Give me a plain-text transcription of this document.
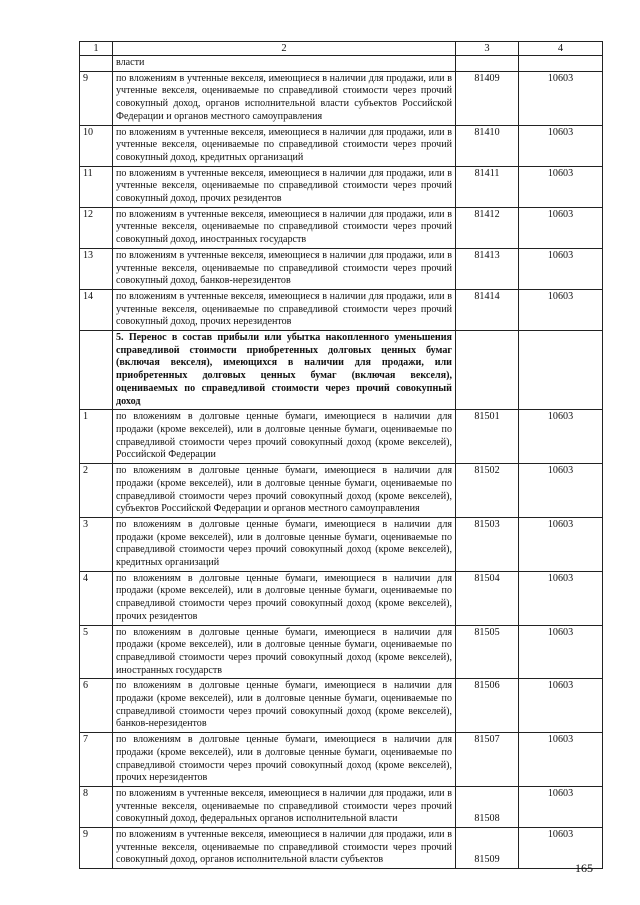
1	2	3	4
	власти		
9	по вложениям в учтенные векселя, имеющиеся в наличии для продажи, или в учтенные векселя, оцениваемые по справедливой стоимости через прочий совокупный доход, органов исполнительной власти субъектов Российской Федерации и органов местного самоуправления	81409	10603
10	по вложениям в учтенные векселя, имеющиеся в наличии для продажи, или в учтенные векселя, оцениваемые по справедливой стоимости через прочий совокупный доход, кредитных организаций	81410	10603
11	по вложениям в учтенные векселя, имеющиеся в наличии для продажи, или в учтенные векселя, оцениваемые по справедливой стоимости через прочий совокупный доход, прочих резидентов	81411	10603
12	по вложениям в учтенные векселя, имеющиеся в наличии для продажи, или в учтенные векселя, оцениваемые по справедливой стоимости через прочий совокупный доход, иностранных государств	81412	10603
13	по вложениям в учтенные векселя, имеющиеся в наличии для продажи, или в учтенные векселя, оцениваемые по справедливой стоимости через прочий совокупный доход, банков-нерезидентов	81413	10603
14	по вложениям в учтенные векселя, имеющиеся в наличии для продажи, или в учтенные векселя, оцениваемые по справедливой стоимости через прочий совокупный доход, прочих нерезидентов	81414	10603
	5. Перенос в состав прибыли или убытка накопленного уменьшения справедливой стоимости приобретенных долговых ценных бумаг (включая векселя), имеющихся в наличии для продажи, или приобретенных долговых ценных бумаг (включая векселя), оцениваемых по справедливой стоимости через прочий совокупный доход		
1	по вложениям в долговые ценные бумаги, имеющиеся в наличии для продажи (кроме векселей), или в долговые ценные бумаги, оцениваемые по справедливой стоимости через прочий совокупный доход (кроме векселей), Российской Федерации	81501	10603
2	по вложениям в долговые ценные бумаги, имеющиеся в наличии для продажи (кроме векселей), или в долговые ценные бумаги, оцениваемые по справедливой стоимости через прочий совокупный доход (кроме векселей), субъектов Российской Федерации и органов местного самоуправления	81502	10603
3	по вложениям в долговые ценные бумаги, имеющиеся в наличии для продажи (кроме векселей), или в долговые ценные бумаги, оцениваемые по справедливой стоимости через прочий совокупный доход (кроме векселей), кредитных организаций	81503	10603
4	по вложениям в долговые ценные бумаги, имеющиеся в наличии для продажи (кроме векселей), или в долговые ценные бумаги, оцениваемые по справедливой стоимости через прочий совокупный доход (кроме векселей), прочих резидентов	81504	10603
5	по вложениям в долговые ценные бумаги, имеющиеся в наличии для продажи (кроме векселей), или в долговые ценные бумаги, оцениваемые по справедливой стоимости через прочий совокупный доход (кроме векселей), иностранных государств	81505	10603
6	по вложениям в долговые ценные бумаги, имеющиеся в наличии для продажи (кроме векселей), или в долговые ценные бумаги, оцениваемые по справедливой стоимости через прочий совокупный доход (кроме векселей), банков-нерезидентов	81506	10603
7	по вложениям в долговые ценные бумаги, имеющиеся в наличии для продажи (кроме векселей), или в долговые ценные бумаги, оцениваемые по справедливой стоимости через прочий совокупный доход (кроме векселей), прочих нерезидентов	81507	10603
8	по вложениям в учтенные векселя, имеющиеся в наличии для продажи, или в учтенные векселя, оцениваемые по справедливой стоимости через прочий совокупный доход, федеральных органов исполнительной власти	81508	10603
9	по вложениям в учтенные векселя, имеющиеся в наличии для продажи, или в учтенные векселя, оцениваемые по справедливой стоимости через прочий совокупный доход, органов исполнительной власти субъектов	81509	10603
165
